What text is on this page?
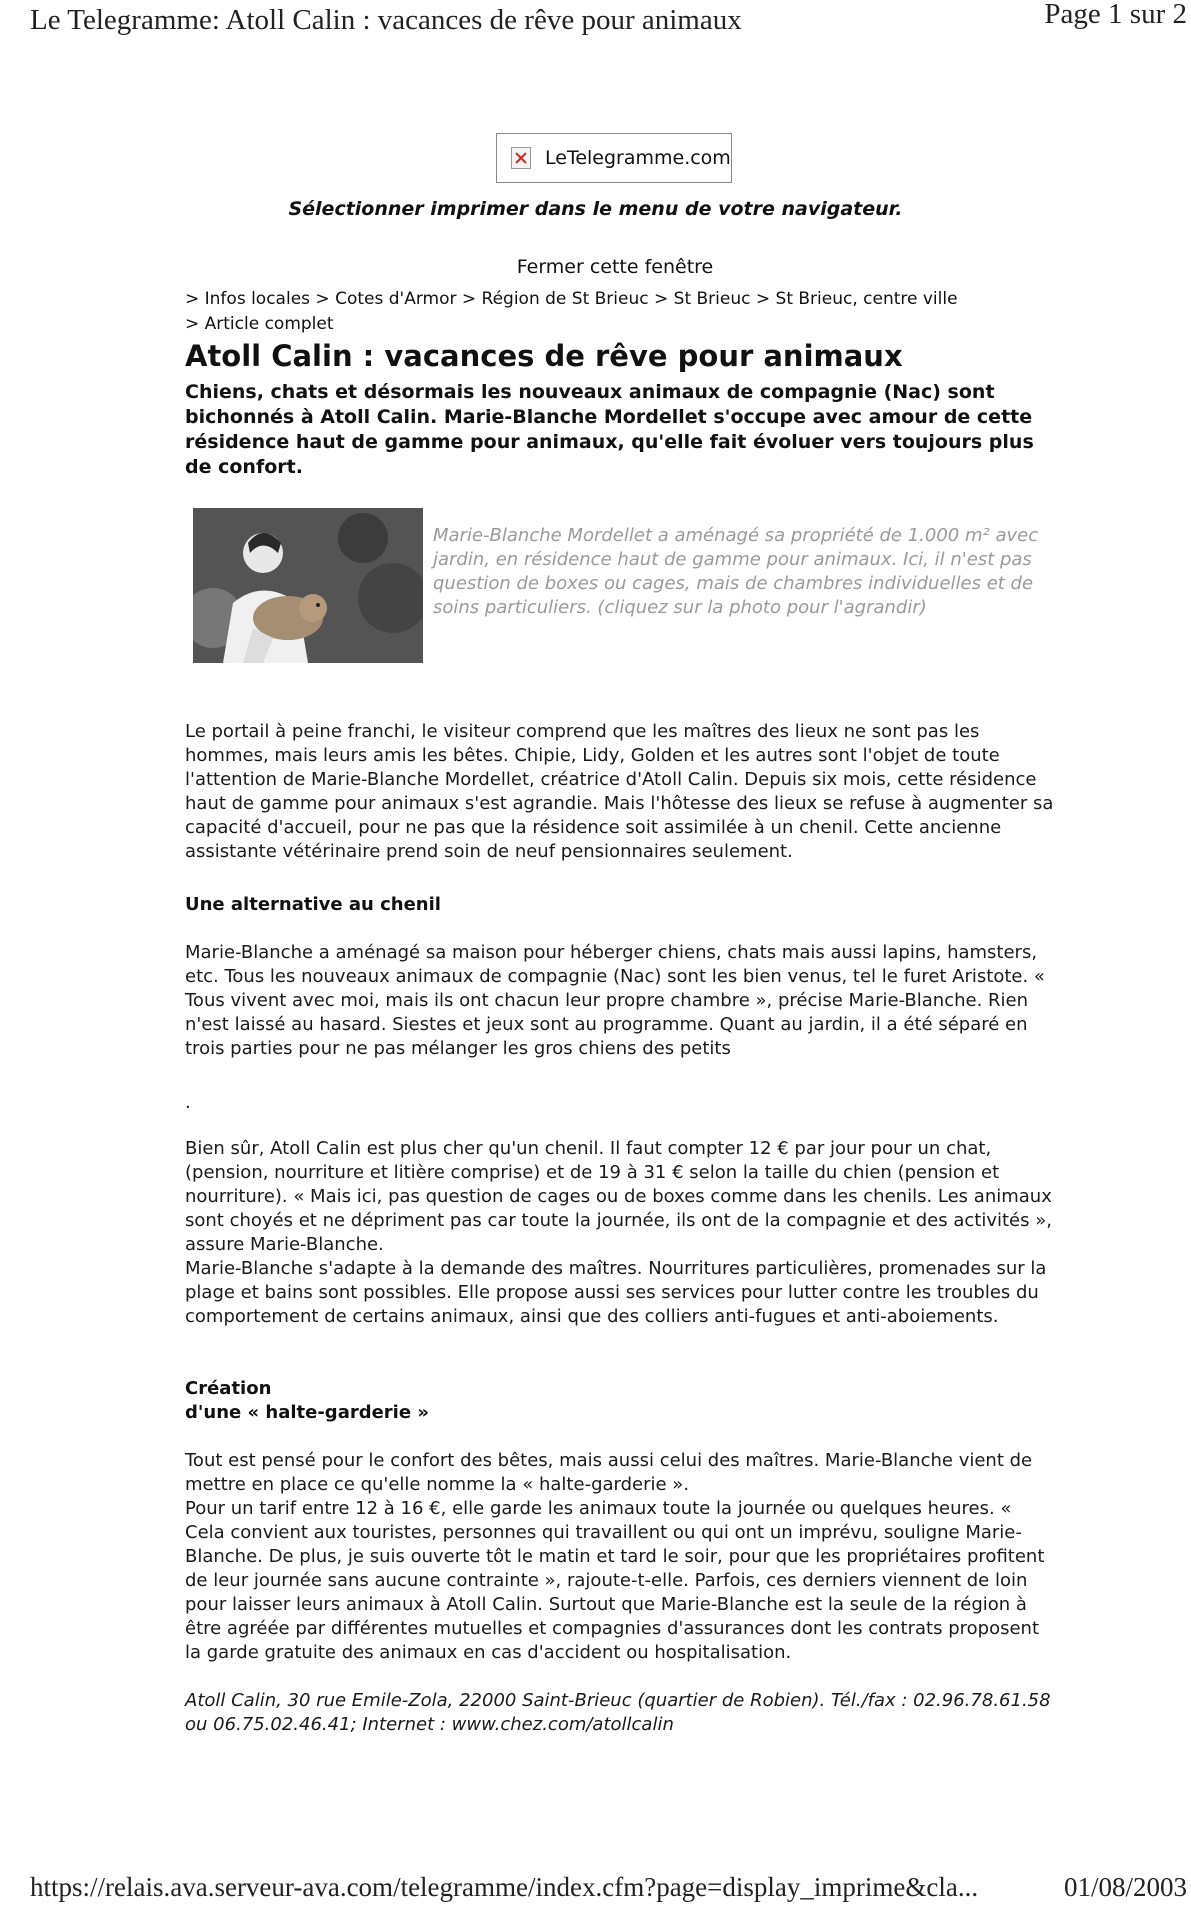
Le Telegramme: Atoll Calin : vacances de rêve pour animaux	Page 1 sur 2
LeTelegramme.com
Sélectionner imprimer dans le menu de votre navigateur.
Fermer cette fenêtre
> Infos locales > Cotes d'Armor > Région de St Brieuc > St Brieuc > St Brieuc, centre ville > Article complet
Atoll Calin : vacances de rêve pour animaux

Chiens, chats et désormais les nouveaux animaux de compagnie (Nac) sont bichonnés à Atoll Calin. Marie-Blanche Mordellet s'occupe avec amour de cette résidence haut de gamme pour animaux, qu'elle fait évoluer vers toujours plus de confort.

Marie-Blanche Mordellet a aménagé sa propriété de 1.000 m² avec jardin, en résidence haut de gamme pour animaux. Ici, il n'est pas question de boxes ou cages, mais de chambres individuelles et de soins particuliers. (cliquez sur la photo pour l'agrandir)

Le portail à peine franchi, le visiteur comprend que les maîtres des lieux ne sont pas les hommes, mais leurs amis les bêtes. Chipie, Lidy, Golden et les autres sont l'objet de toute l'attention de Marie-Blanche Mordellet, créatrice d'Atoll Calin. Depuis six mois, cette résidence haut de gamme pour animaux s'est agrandie. Mais l'hôtesse des lieux se refuse à augmenter sa capacité d'accueil, pour ne pas que la résidence soit assimilée à un chenil. Cette ancienne assistante vétérinaire prend soin de neuf pensionnaires seulement.

Une alternative au chenil

Marie-Blanche a aménagé sa maison pour héberger chiens, chats mais aussi lapins, hamsters, etc. Tous les nouveaux animaux de compagnie (Nac) sont les bien venus, tel le furet Aristote. « Tous vivent avec moi, mais ils ont chacun leur propre chambre », précise Marie-Blanche. Rien n'est laissé au hasard. Siestes et jeux sont au programme. Quant au jardin, il a été séparé en trois parties pour ne pas mélanger les gros chiens des petits

.

Bien sûr, Atoll Calin est plus cher qu'un chenil. Il faut compter 12 € par jour pour un chat, (pension, nourriture et litière comprise) et de 19 à 31 € selon la taille du chien (pension et nourriture). « Mais ici, pas question de cages ou de boxes comme dans les chenils. Les animaux sont choyés et ne dépriment pas car toute la journée, ils ont de la compagnie et des activités », assure Marie-Blanche.

Marie-Blanche s'adapte à la demande des maîtres. Nourritures particulières, promenades sur la plage et bains sont possibles. Elle propose aussi ses services pour lutter contre les troubles du comportement de certains animaux, ainsi que des colliers anti-fugues et anti-aboiements.

Création

d'une « halte-garderie »

Tout est pensé pour le confort des bêtes, mais aussi celui des maîtres. Marie-Blanche vient de mettre en place ce qu'elle nomme la « halte-garderie ».

Pour un tarif entre 12 à 16 €, elle garde les animaux toute la journée ou quelques heures. « Cela convient aux touristes, personnes qui travaillent ou qui ont un imprévu, souligne Marie-Blanche. De plus, je suis ouverte tôt le matin et tard le soir, pour que les propriétaires profitent de leur journée sans aucune contrainte », rajoute-t-elle. Parfois, ces derniers viennent de loin pour laisser leurs animaux à Atoll Calin. Surtout que Marie-Blanche est la seule de la région à être agréée par différentes mutuelles et compagnies d'assurances dont les contrats proposent la garde gratuite des animaux en cas d'accident ou hospitalisation.

Atoll Calin, 30 rue Emile-Zola, 22000 Saint-Brieuc (quartier de Robien). Tél./fax : 02.96.78.61.58 ou 06.75.02.46.41; Internet : www.chez.com/atollcalin

https://relais.ava.serveur-ava.com/telegramme/index.cfm?page=display_imprime&cla...	01/08/2003
